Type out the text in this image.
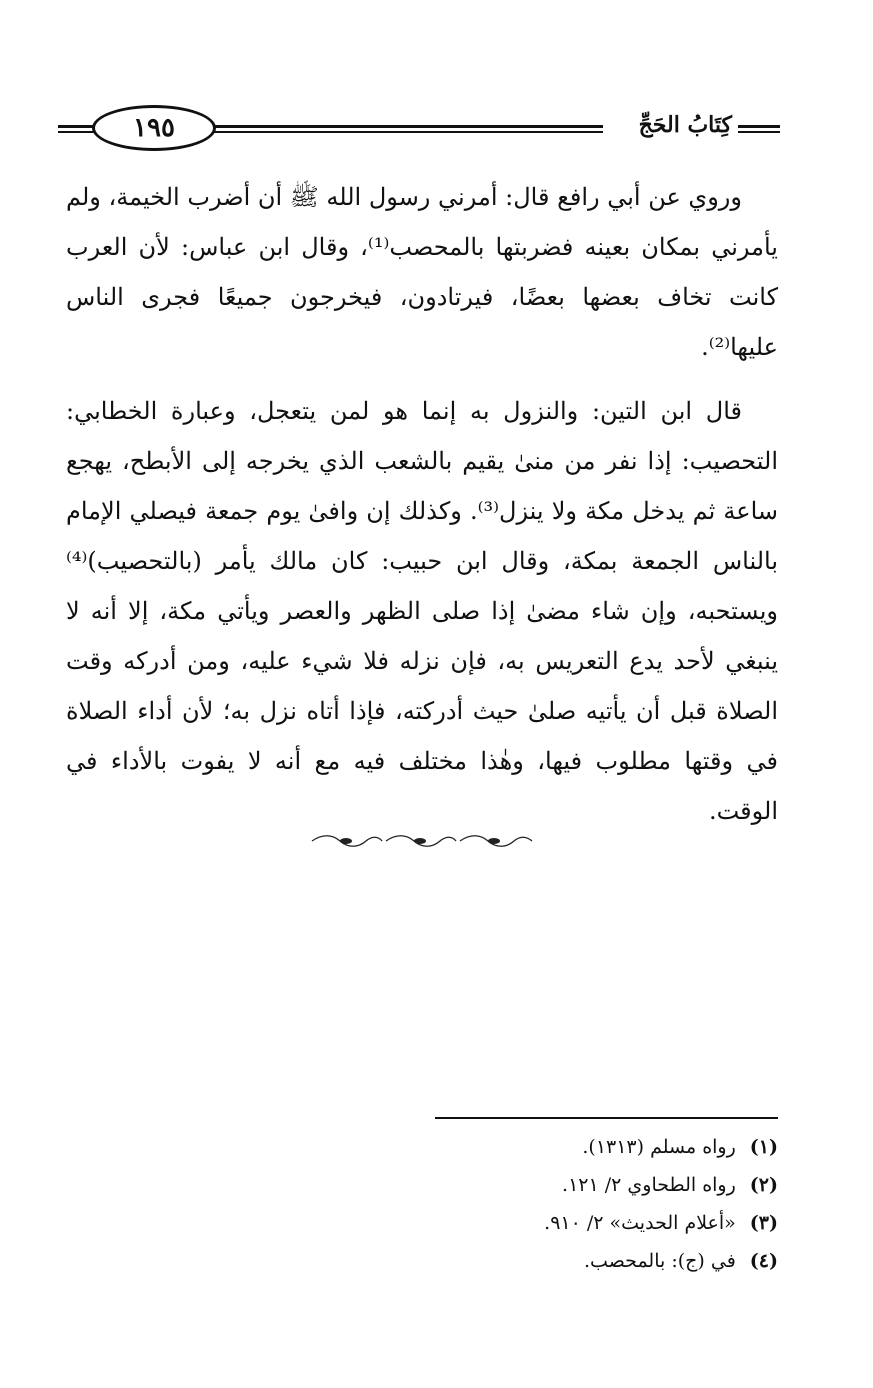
كِتَابُ الحَجِّ
١٩٥

وروي عن أبي رافع قال: أمرني رسول الله ﷺ أن أضرب الخيمة، ولم يأمرني بمكان بعينه فضربتها بالمحصب⁽¹⁾، وقال ابن عباس: لأن العرب كانت تخاف بعضها بعضًا، فيرتادون، فيخرجون جميعًا فجرى الناس عليها⁽²⁾.

قال ابن التين: والنزول به إنما هو لمن يتعجل، وعبارة الخطابي: التحصيب: إذا نفر من منىٰ يقيم بالشعب الذي يخرجه إلى الأبطح، يهجع ساعة ثم يدخل مكة ولا ينزل⁽³⁾. وكذلك إن وافىٰ يوم جمعة فيصلي الإمام بالناس الجمعة بمكة، وقال ابن حبيب: كان مالك يأمر (بالتحصيب)⁽⁴⁾ ويستحبه، وإن شاء مضىٰ إذا صلى الظهر والعصر ويأتي مكة، إلا أنه لا ينبغي لأحد يدع التعريس به، فإن نزله فلا شيء عليه، ومن أدركه وقت الصلاة قبل أن يأتيه صلىٰ حيث أدركته، فإذا أتاه نزل به؛ لأن أداء الصلاة في وقتها مطلوب فيها، وهٰذا مختلف فيه مع أنه لا يفوت بالأداء في الوقت.

(١)
رواه مسلم (١٣١٣).
(٢)
رواه الطحاوي ٢/ ١٢١.
(٣)
«أعلام الحديث» ٢/ ٩١٠.
(٤)
في (ج): بالمحصب.
